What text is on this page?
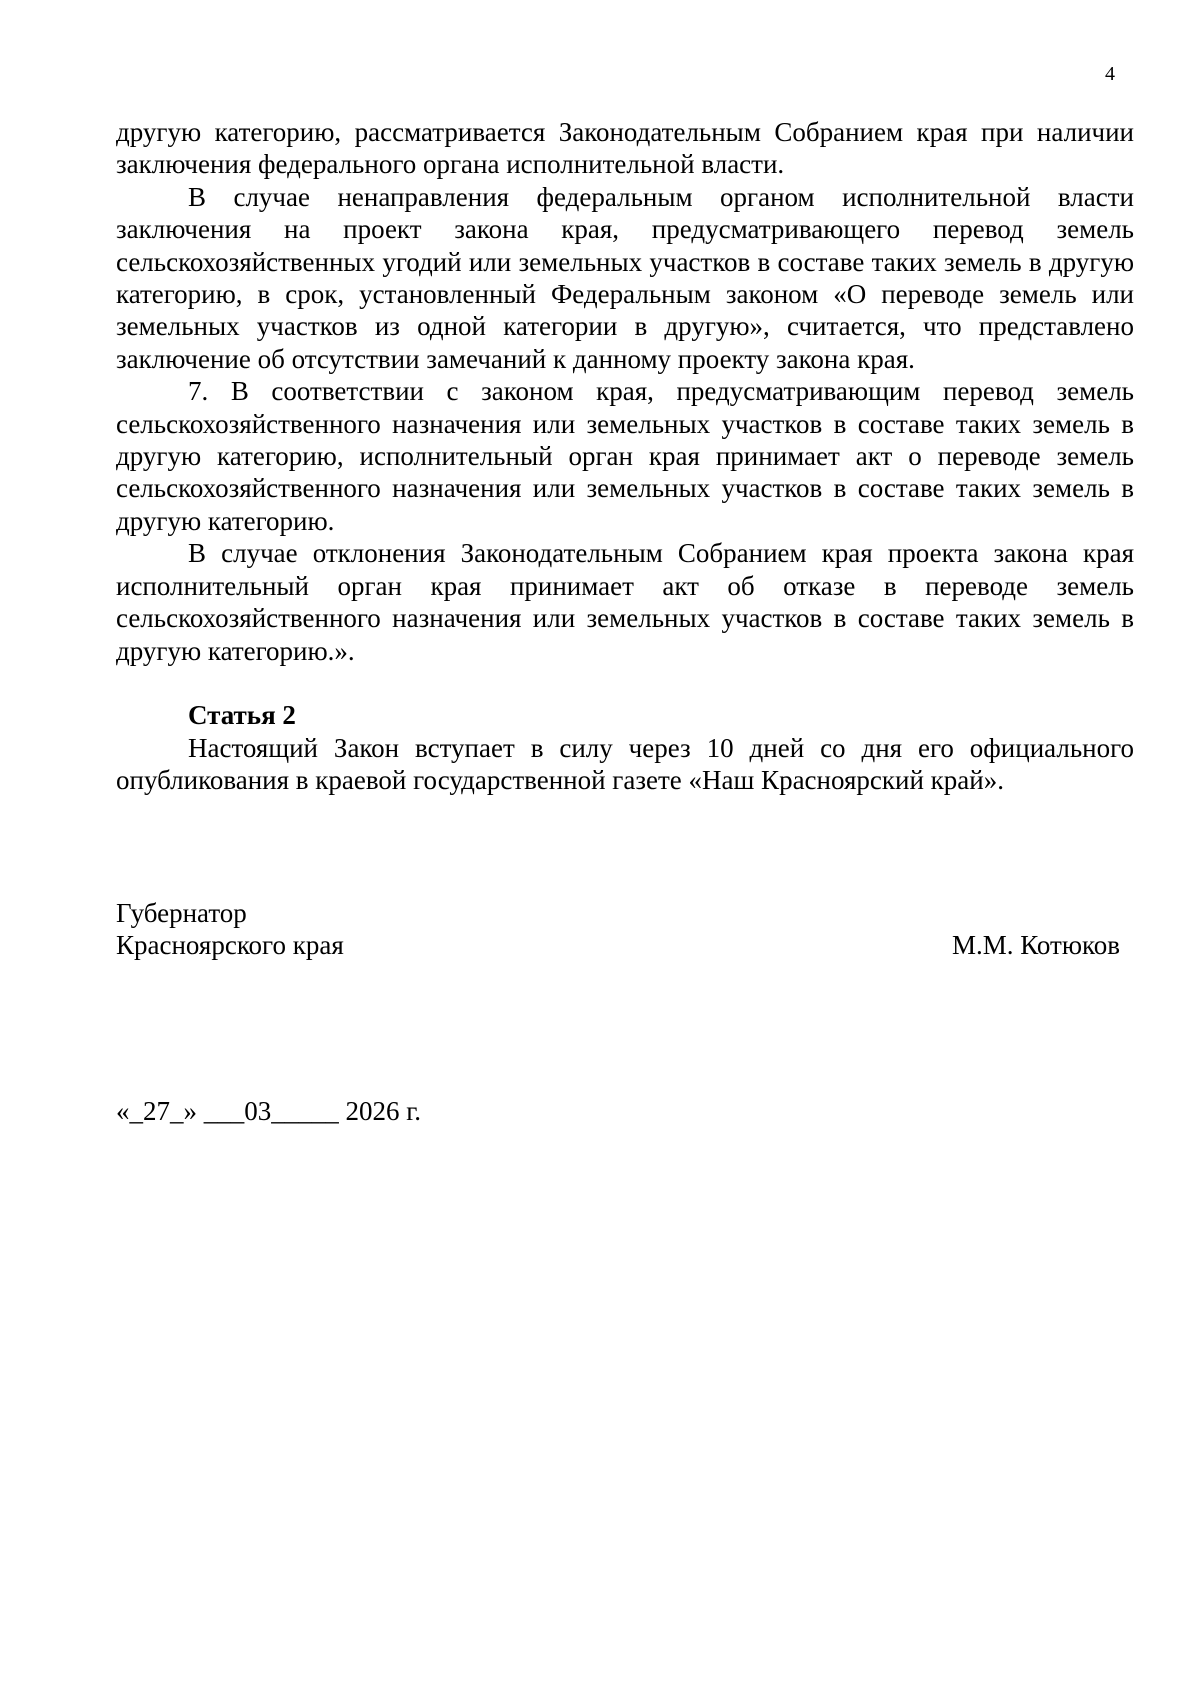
4

другую категорию, рассматривается Законодательным Собранием края при наличии заключения федерального органа исполнительной власти.

В случае ненаправления федеральным органом исполнительной власти заключения на проект закона края, предусматривающего перевод земель сельскохозяйственных угодий или земельных участков в составе таких земель в другую категорию, в срок, установленный Федеральным законом «О переводе земель или земельных участков из одной категории в другую», считается, что представлено заключение об отсутствии замечаний к данному проекту закона края.

7. В соответствии с законом края, предусматривающим перевод земель сельскохозяйственного назначения или земельных участков в составе таких земель в другую категорию, исполнительный орган края принимает акт о переводе земель сельскохозяйственного назначения или земельных участков в составе таких земель в другую категорию.

В случае отклонения Законодательным Собранием края проекта закона края исполнительный орган края принимает акт об отказе в переводе земель сельскохозяйственного назначения или земельных участков в составе таких земель в другую категорию.».

Статья 2

Настоящий Закон вступает в силу через 10 дней со дня его официального опубликования в краевой государственной газете «Наш Красноярский край».

Губернатор
Красноярского края	М.М. Котюков
«_27_» ___03_____ 2026 г.
